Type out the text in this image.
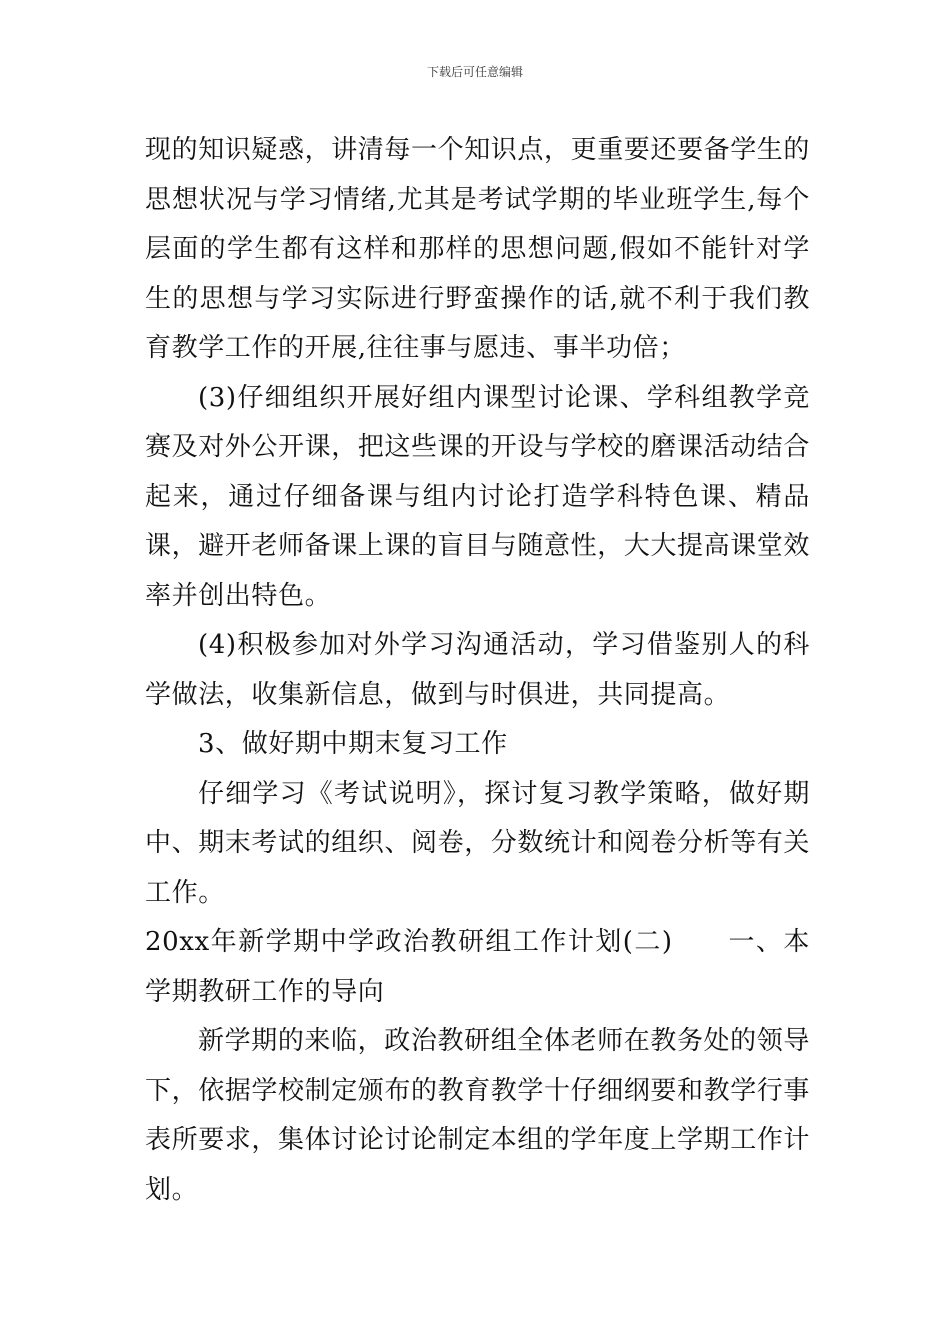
下载后可任意编辑

现的知识疑惑，讲清每一个知识点，更重要还要备学生的思想状况与学习情绪,尤其是考试学期的毕业班学生,每个层面的学生都有这样和那样的思想问题,假如不能针对学生的思想与学习实际进行野蛮操作的话,就不利于我们教育教学工作的开展,往往事与愿违、事半功倍；

(3)仔细组织开展好组内课型讨论课、学科组教学竞赛及对外公开课，把这些课的开设与学校的磨课活动结合起来，通过仔细备课与组内讨论打造学科特色课、精品课，避开老师备课上课的盲目与随意性，大大提高课堂效率并创出特色。

(4)积极参加对外学习沟通活动，学习借鉴别人的科学做法，收集新信息，做到与时俱进，共同提高。

3、做好期中期末复习工作

仔细学习《考试说明》，探讨复习教学策略，做好期中、期末考试的组织、阅卷，分数统计和阅卷分析等有关工作。

20xx年新学期中学政治教研组工作计划(二)　　一、本学期教研工作的导向

新学期的来临，政治教研组全体老师在教务处的领导下，依据学校制定颁布的教育教学十仔细纲要和教学行事表所要求，集体讨论讨论制定本组的学年度上学期工作计划。
